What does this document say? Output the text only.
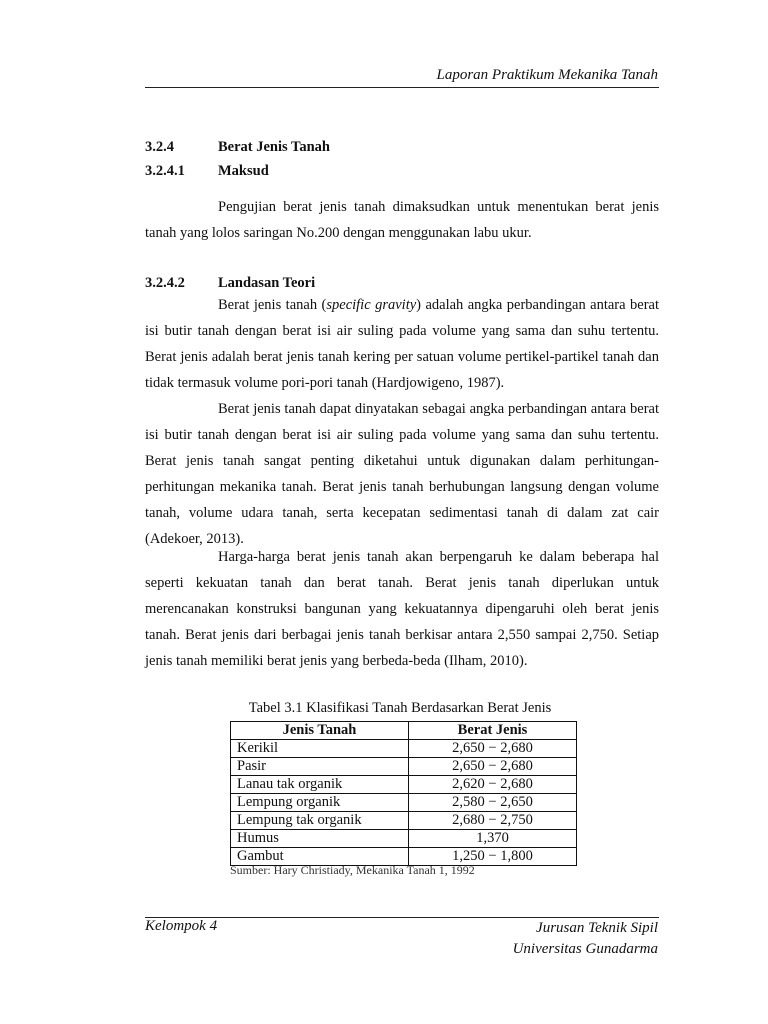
Laporan Praktikum Mekanika Tanah
3.2.4	Berat Jenis Tanah
3.2.4.1 Maksud
Pengujian berat jenis tanah dimaksudkan untuk menentukan berat jenis tanah yang lolos saringan No.200 dengan menggunakan labu ukur.
3.2.4.2 Landasan Teori
Berat jenis tanah (specific gravity) adalah angka perbandingan antara berat isi butir tanah dengan berat isi air suling pada volume yang sama dan suhu tertentu. Berat jenis adalah berat jenis tanah kering per satuan volume pertikel-partikel tanah dan tidak termasuk volume pori-pori tanah (Hardjowigeno, 1987).
Berat jenis tanah dapat dinyatakan sebagai angka perbandingan antara berat isi butir tanah dengan berat isi air suling pada volume yang sama dan suhu tertentu. Berat jenis tanah sangat penting diketahui untuk digunakan dalam perhitungan-perhitungan mekanika tanah. Berat jenis tanah berhubungan langsung dengan volume tanah, volume udara tanah, serta kecepatan sedimentasi tanah di dalam zat cair (Adekoer, 2013).
Harga-harga berat jenis tanah akan berpengaruh ke dalam beberapa hal seperti kekuatan tanah dan berat tanah. Berat jenis tanah diperlukan untuk merencanakan konstruksi bangunan yang kekuatannya dipengaruhi oleh berat jenis tanah. Berat jenis dari berbagai jenis tanah berkisar antara 2,550 sampai 2,750. Setiap jenis tanah memiliki berat jenis yang berbeda-beda (Ilham, 2010).
Tabel 3.1 Klasifikasi Tanah Berdasarkan Berat Jenis
Jenis Tanah	Berat Jenis
Kerikil	2,650 − 2,680
Pasir	2,650 − 2,680
Lanau tak organik	2,620 − 2,680
Lempung organik	2,580 − 2,650
Lempung tak organik	2,680 − 2,750
Humus	1,370
Gambut	1,250 − 1,800
Sumber: Hary Christiady, Mekanika Tanah 1, 1992
Kelompok 4	Jurusan Teknik Sipil
Universitas Gunadarma
